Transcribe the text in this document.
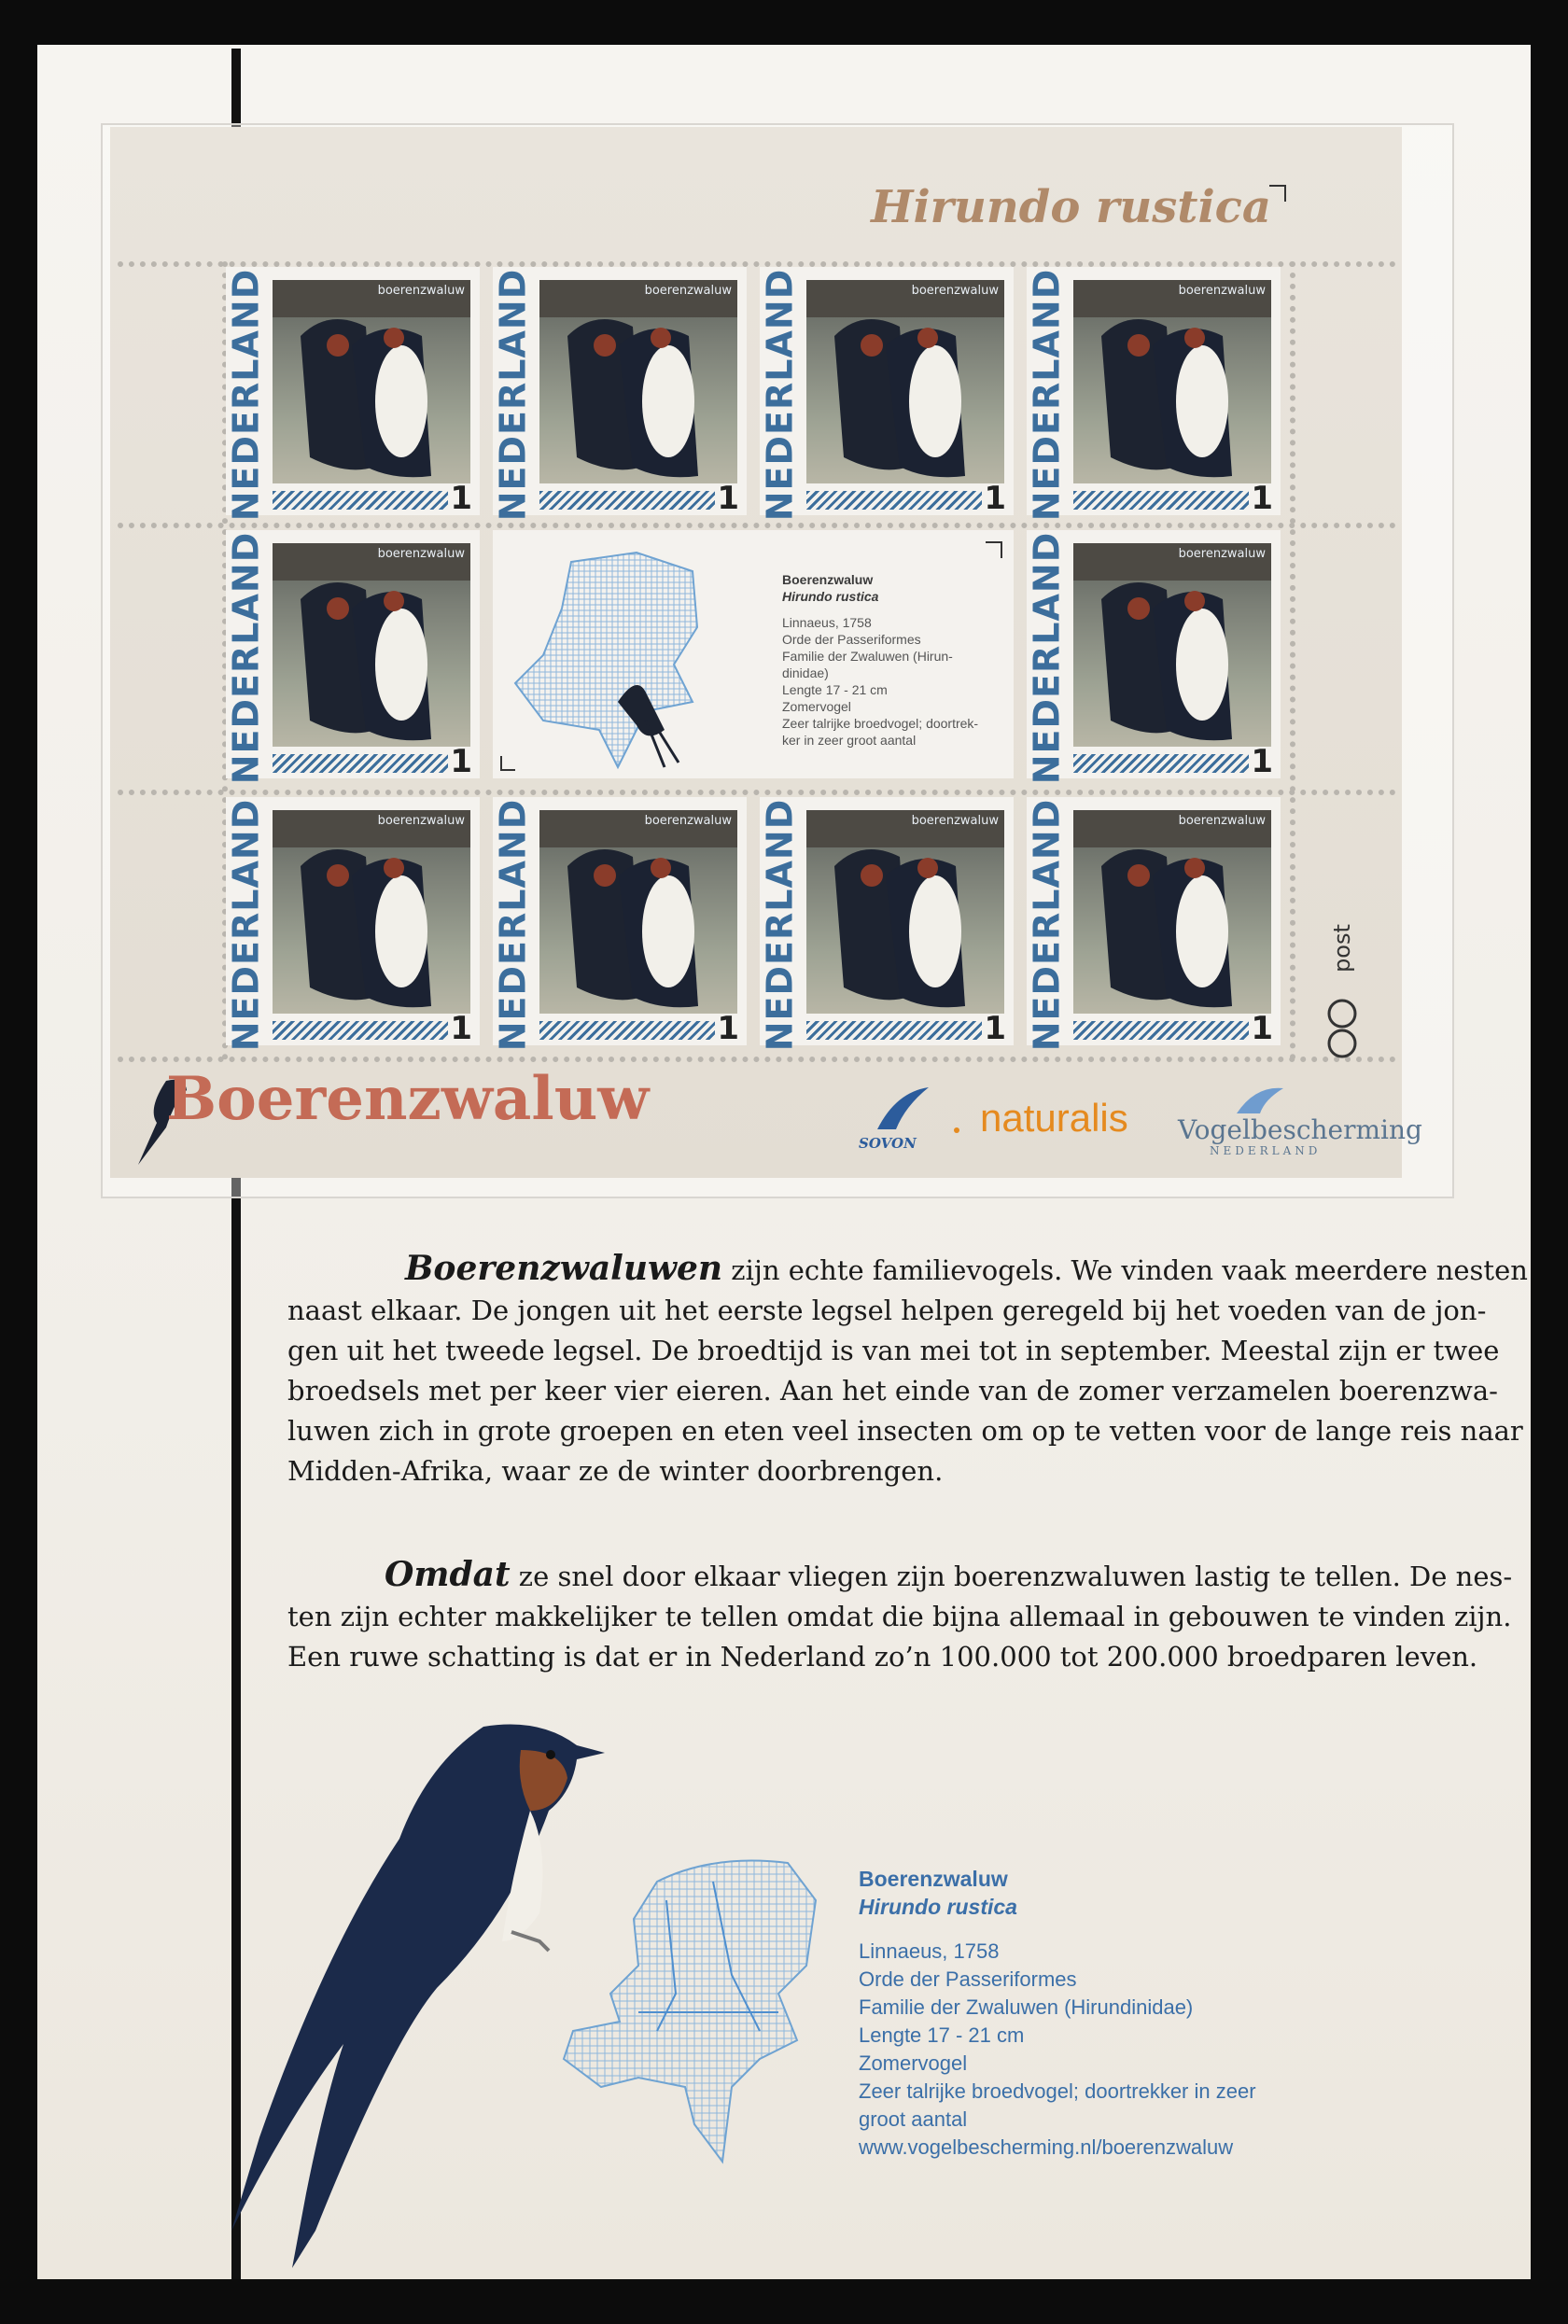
Hirundo rustica
NEDERLAND	boerenzwaluw
1 NEDERLAND	boerenzwaluw
1 NEDERLAND	boerenzwaluw
1 NEDERLAND	boerenzwaluw
1
NEDERLAND	boerenzwaluw
1
Boerenzwaluw
Hirundo rustica
Linnaeus, 1758
Orde der Passeriformes
Familie der Zwaluwen (Hirun-
dinidae)
Lengte 17 - 21 cm
Zomervogel
Zeer talrijke broedvogel; doortrek-
ker in zeer groot aantal	NEDERLAND	boerenzwaluw
1
NEDERLAND	boerenzwaluw
1 NEDERLAND	boerenzwaluw
1 NEDERLAND	boerenzwaluw
1 NEDERLAND	boerenzwaluw
1
post
Boerenzwaluw
SOVON
naturalis Vogelbescherming
NEDERLAND
Boerenzwaluwen zijn echte familievogels. We vinden vaak meerdere nesten
naast elkaar. De jongen uit het eerste legsel helpen geregeld bij het voeden van de jon-
gen uit het tweede legsel. De broedtijd is van mei tot in september. Meestal zijn er twee
broedsels met per keer vier eieren. Aan het einde van de zomer verzamelen boerenzwa-
luwen zich in grote groepen en eten veel insecten om op te vetten voor de lange reis naar
Midden-Afrika, waar ze de winter doorbrengen.
Omdat ze snel door elkaar vliegen zijn boerenzwaluwen lastig te tellen. De nes-
ten zijn echter makkelijker te tellen omdat die bijna allemaal in gebouwen te vinden zijn.
Een ruwe schatting is dat er in Nederland zo’n 100.000 tot 200.000 broedparen leven.
Boerenzwaluw
Hirundo rustica
Linnaeus, 1758
Orde der Passeriformes
Familie der Zwaluwen (Hirundinidae)
Lengte 17 - 21 cm
Zomervogel
Zeer talrijke broedvogel; doortrekker in zeer
groot aantal
www.vogelbescherming.nl/boerenzwaluw
